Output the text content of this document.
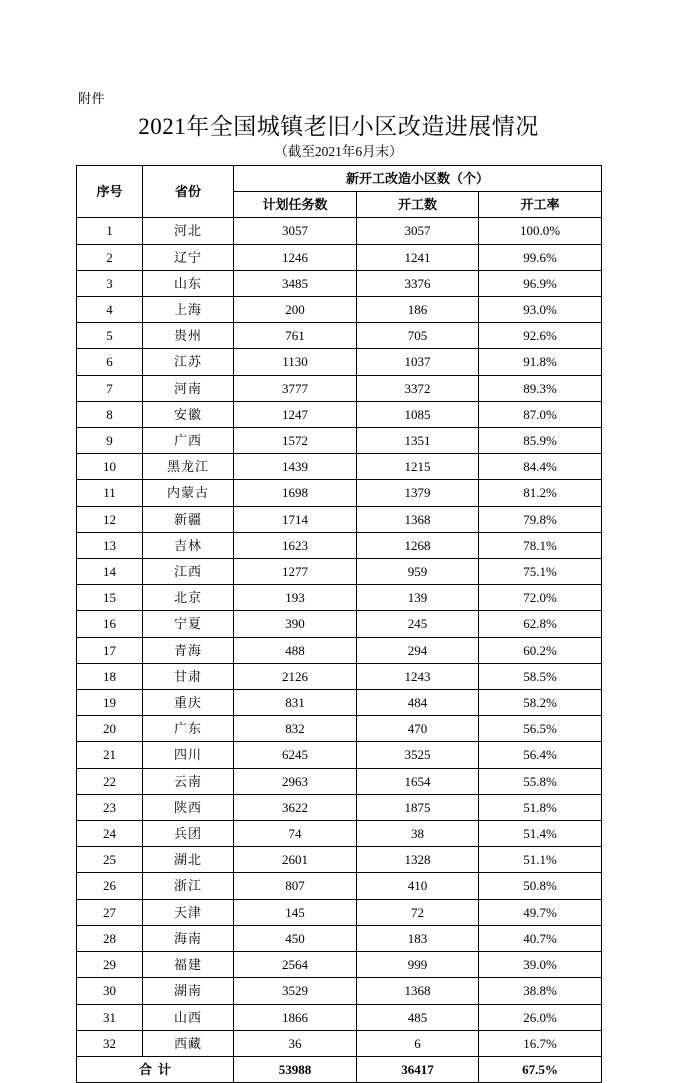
附件
2021年全国城镇老旧小区改造进展情况
（截至2021年6月末）
序号	省份	新开工改造小区数（个）		
		计划任务数	开工数	开工率
1	河北	3057	3057	100.0%
2	辽宁	1246	1241	99.6%
3	山东	3485	3376	96.9%
4	上海	200	186	93.0%
5	贵州	761	705	92.6%
6	江苏	1130	1037	91.8%
7	河南	3777	3372	89.3%
8	安徽	1247	1085	87.0%
9	广西	1572	1351	85.9%
10	黑龙江	1439	1215	84.4%
11	内蒙古	1698	1379	81.2%
12	新疆	1714	1368	79.8%
13	吉林	1623	1268	78.1%
14	江西	1277	959	75.1%
15	北京	193	139	72.0%
16	宁夏	390	245	62.8%
17	青海	488	294	60.2%
18	甘肃	2126	1243	58.5%
19	重庆	831	484	58.2%
20	广东	832	470	56.5%
21	四川	6245	3525	56.4%
22	云南	2963	1654	55.8%
23	陕西	3622	1875	51.8%
24	兵团	74	38	51.4%
25	湖北	2601	1328	51.1%
26	浙江	807	410	50.8%
27	天津	145	72	49.7%
28	海南	450	183	40.7%
29	福建	2564	999	39.0%
30	湖南	3529	1368	38.8%
31	山西	1866	485	26.0%
32	西藏	36	6	16.7%
合计		53988	36417	67.5%
